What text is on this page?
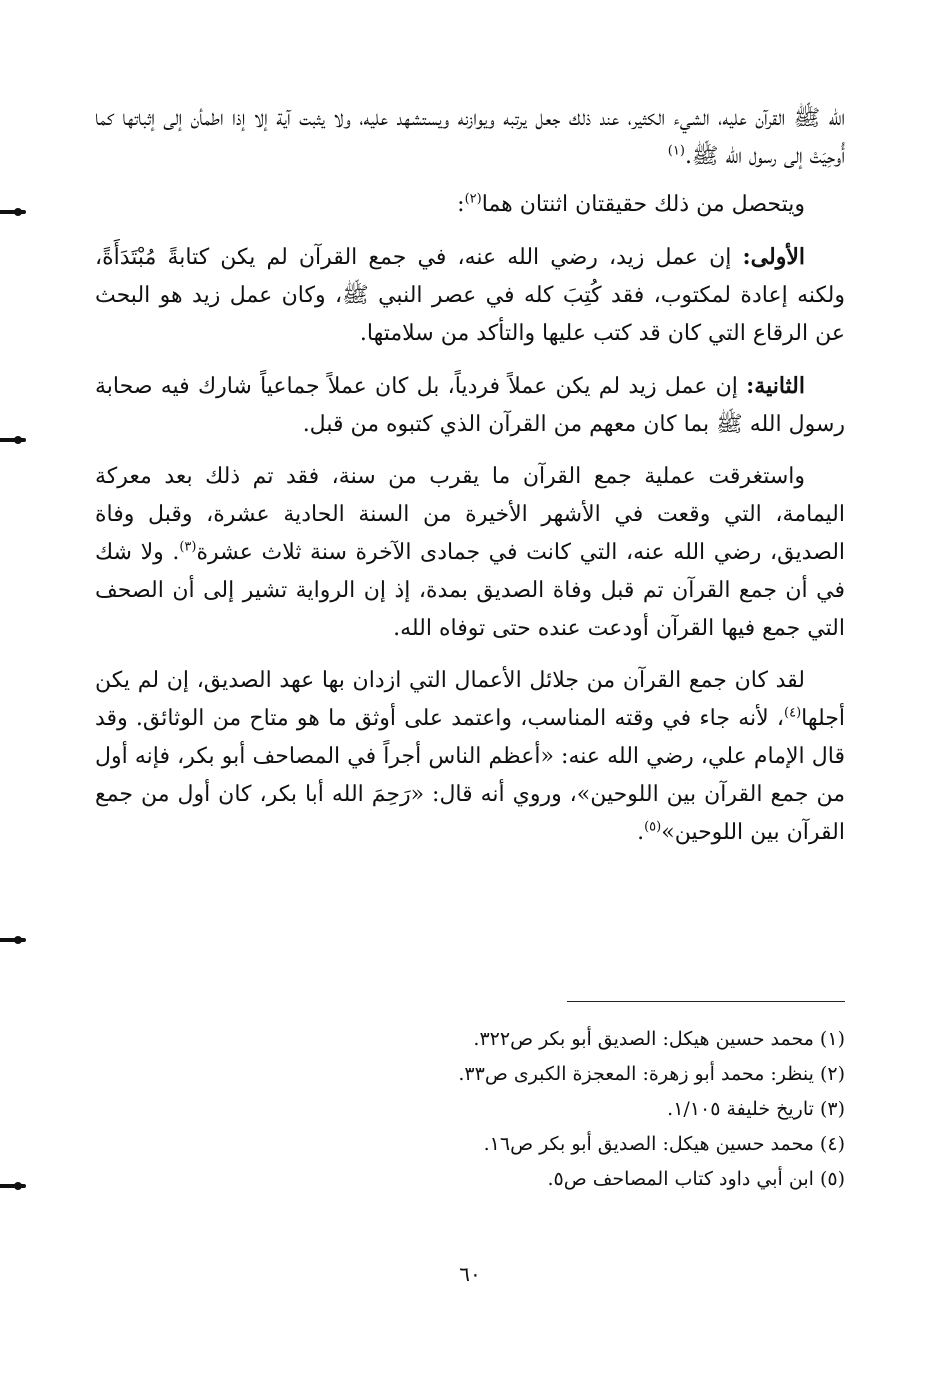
الله ﷺ القرآن عليه، الشيء الكثير، عند ذلك جعل يرتبه ويوازنه ويستشهد عليه، ولا يثبت آية إلا إذا اطمأن إلى إثباتها كما أُوحِيَتْ إلى رسول الله ﷺ.$^{(١)}$

ويتحصل من ذلك حقيقتان اثنتان هما$^{(٢)}$:

الأولى: إن عمل زيد، رضي الله عنه، في جمع القرآن لم يكن كتابةً مُبْتَدَأَةً، ولكنه إعادة لمكتوب، فقد كُتِبَ كله في عصر النبي ﷺ، وكان عمل زيد هو البحث عن الرقاع التي كان قد كتب عليها والتأكد من سلامتها.

الثانية: إن عمل زيد لم يكن عملاً فردياً، بل كان عملاً جماعياً شارك فيه صحابة رسول الله ﷺ بما كان معهم من القرآن الذي كتبوه من قبل.

واستغرقت عملية جمع القرآن ما يقرب من سنة، فقد تم ذلك بعد معركة اليمامة، التي وقعت في الأشهر الأخيرة من السنة الحادية عشرة، وقبل وفاة الصديق، رضي الله عنه، التي كانت في جمادى الآخرة سنة ثلاث عشرة$^{(٣)}$. ولا شك في أن جمع القرآن تم قبل وفاة الصديق بمدة، إذ إن الرواية تشير إلى أن الصحف التي جمع فيها القرآن أودعت عنده حتى توفاه الله.

لقد كان جمع القرآن من جلائل الأعمال التي ازدان بها عهد الصديق، إن لم يكن أجلها$^{(٤)}$، لأنه جاء في وقته المناسب، واعتمد على أوثق ما هو متاح من الوثائق. وقد قال الإمام علي، رضي الله عنه: «أعظم الناس أجراً في المصاحف أبو بكر، فإنه أول من جمع القرآن بين اللوحين»، وروي أنه قال: «رَحِمَ الله أبا بكر، كان أول من جمع القرآن بين اللوحين»$^{(٥)}$.

(١) محمد حسين هيكل: الصديق أبو بكر ص٣٢٢.

(٢) ينظر: محمد أبو زهرة: المعجزة الكبرى ص٣٣.

(٣) تاريخ خليفة ١/١٠٥.

(٤) محمد حسين هيكل: الصديق أبو بكر ص١٦.

(٥) ابن أبي داود كتاب المصاحف ص٥.

٦٠
